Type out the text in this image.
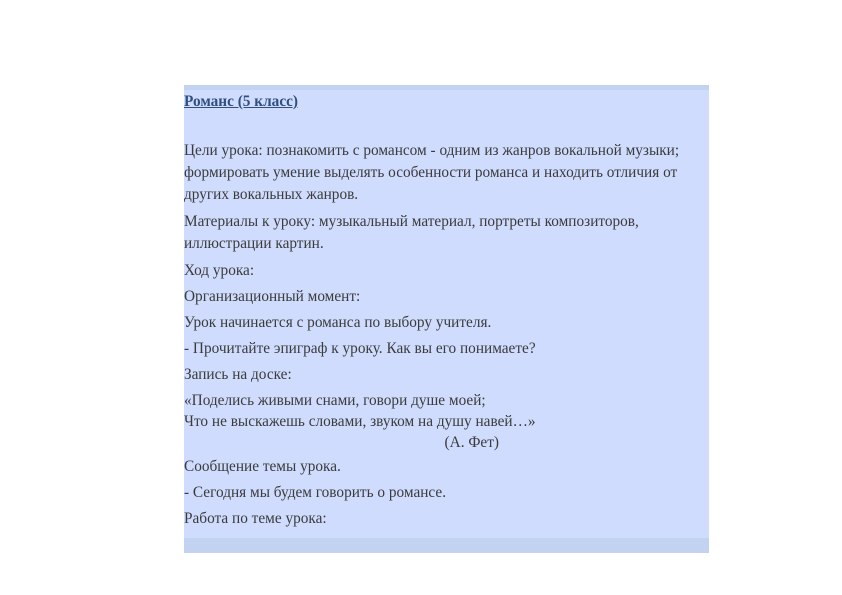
Романс (5 класс)

Цели урока: познакомить с романсом - одним из жанров вокальной музыки; формировать умение выделять особенности романса и находить отличия от других вокальных жанров.

Материалы к уроку: музыкальный материал, портреты композиторов, иллюстрации картин.

Ход урока:

Организационный момент:

Урок начинается с романса по выбору учителя.

- Прочитайте эпиграф к уроку. Как вы его понимаете?

Запись на доске:

«Поделись живыми снами, говори душе моей;
Что не выскажешь словами, звуком на душу навей…»
(А. Фет)

Сообщение темы урока.

- Сегодня мы будем говорить о романсе.

Работа по теме урока:
